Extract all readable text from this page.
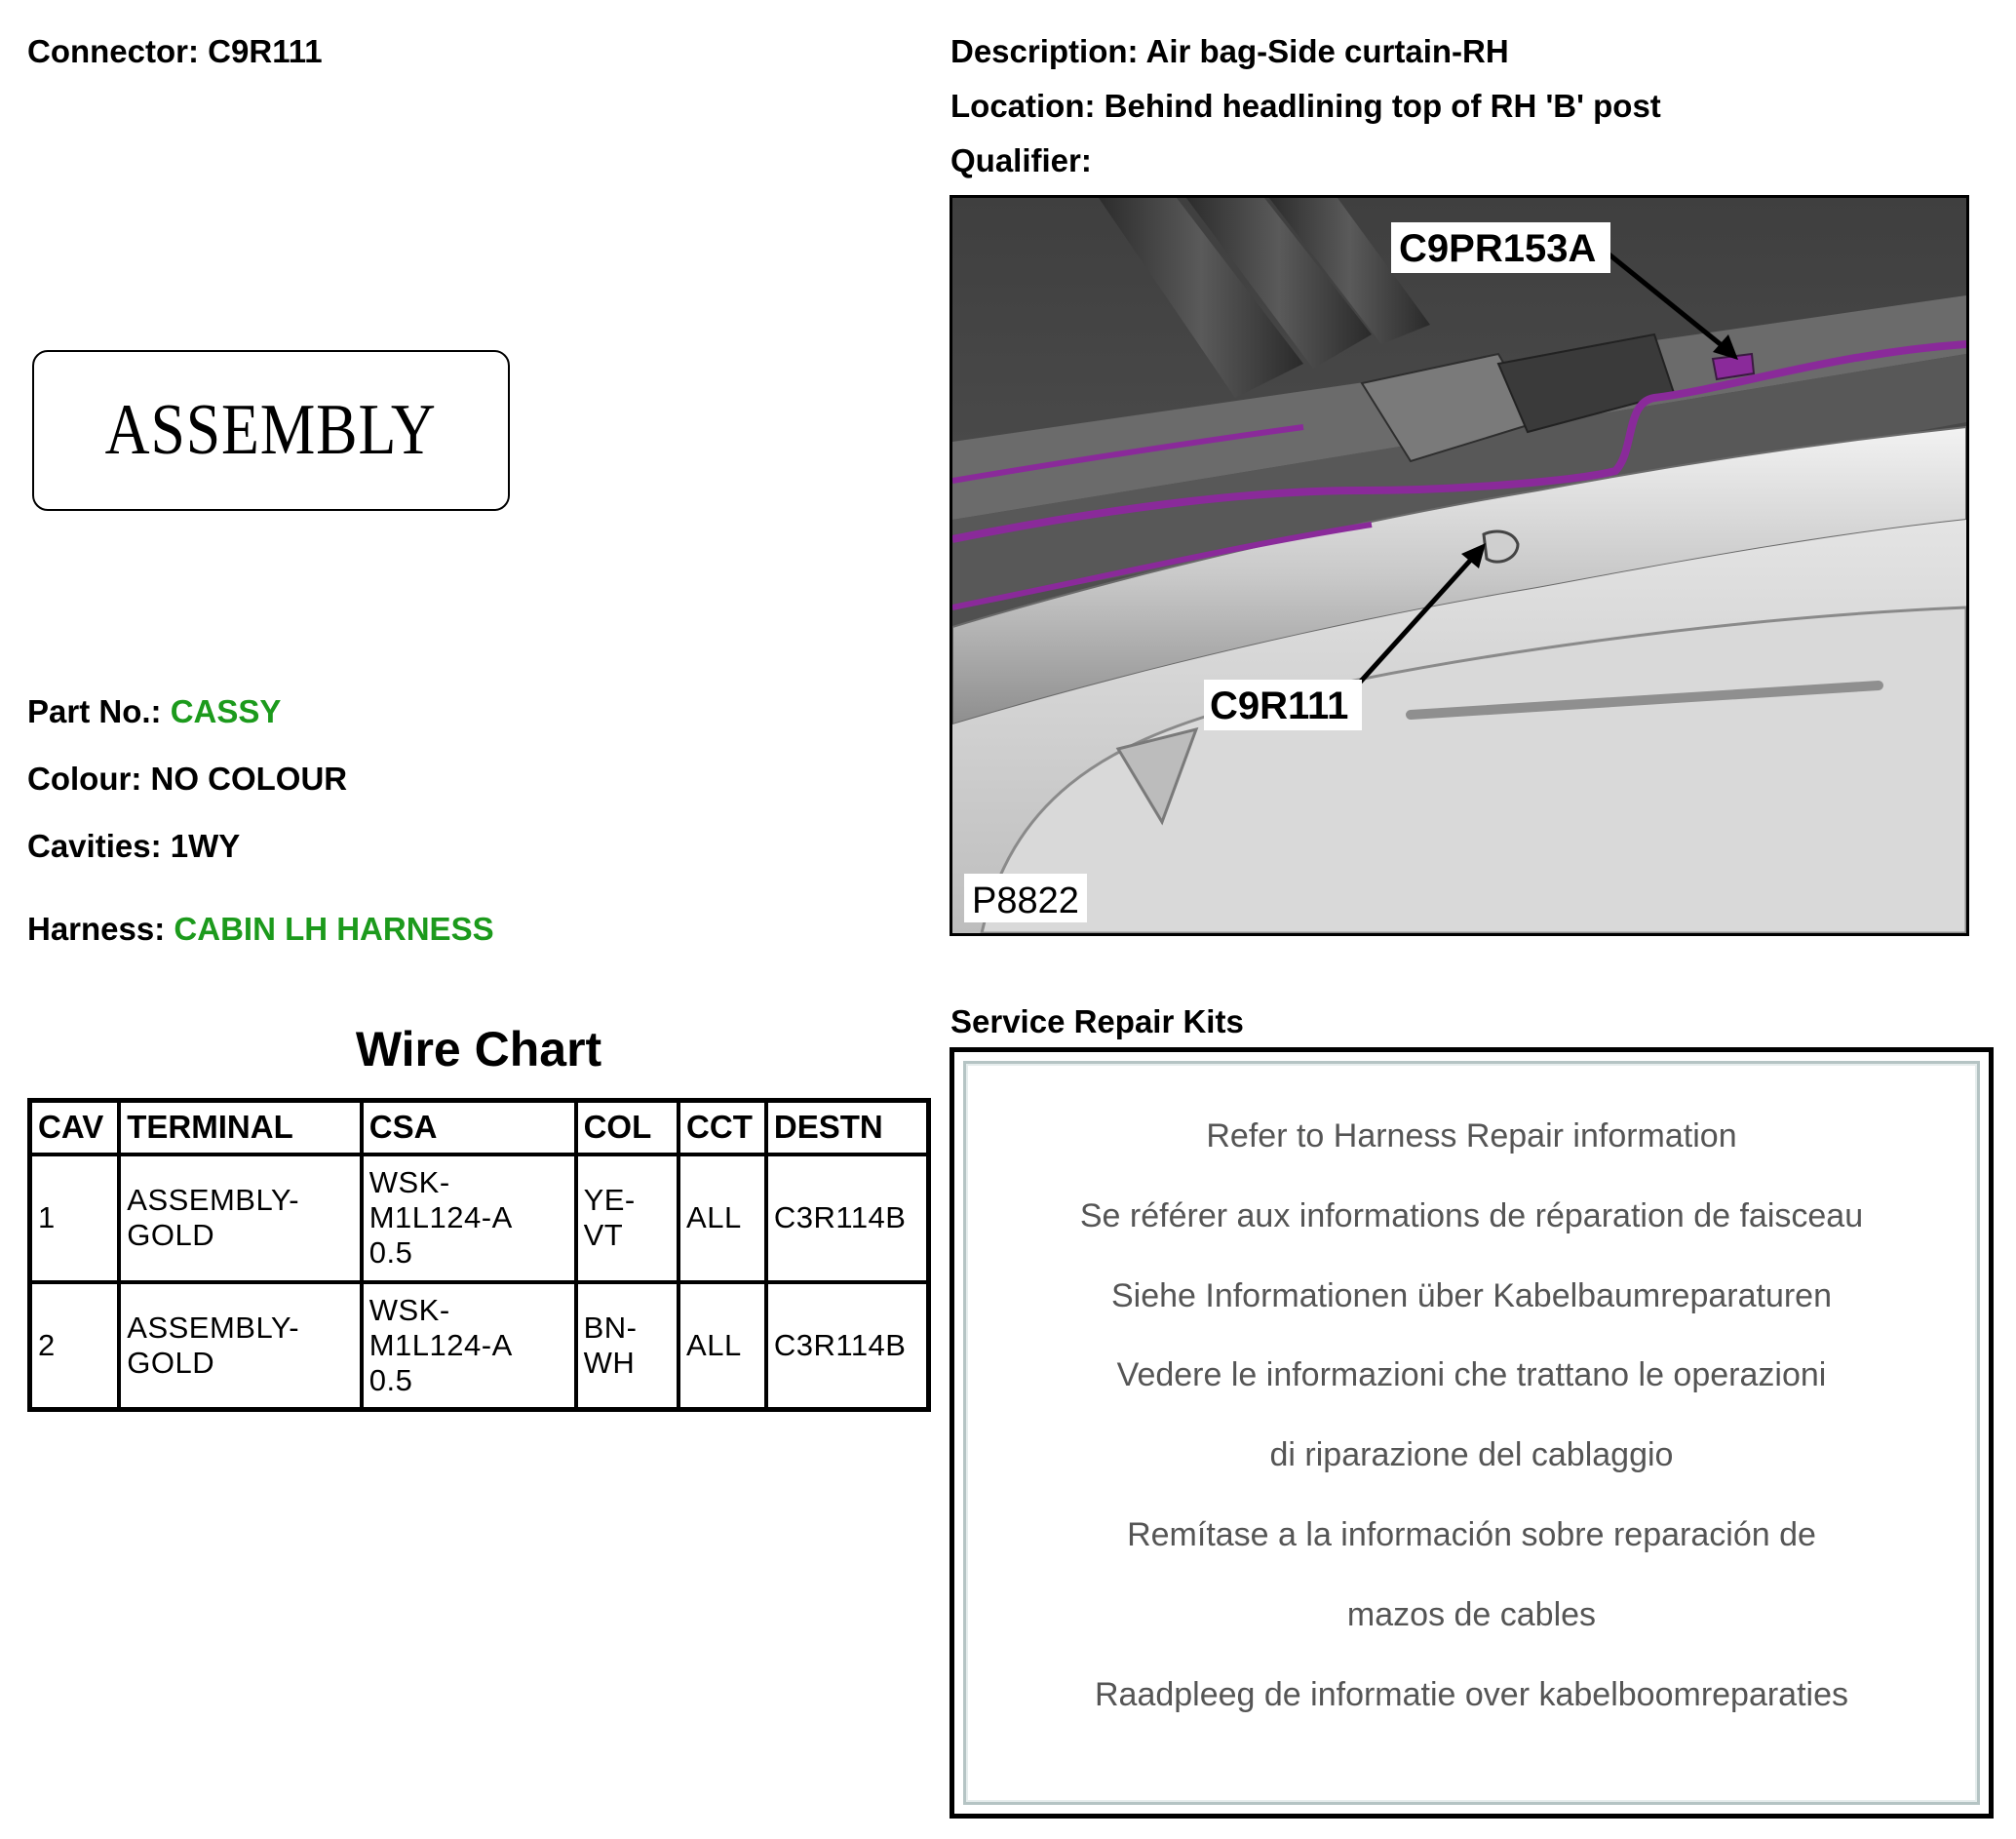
Connector: C9R111	Description: Air bag-Side curtain-RH
Location: Behind headlining top of RH 'B' post
Qualifier:
ASSEMBLY
Part No.: CASSY
Colour: NO COLOUR
Cavities: 1WY
Harness: CABIN LH HARNESS
Wire Chart
CAV	TERMINAL	CSA	COL	CCT	DESTN
1	ASSEMBLY-
GOLD	WSK-
M1L124-A
0.5	YE-
VT	ALL	C3R114B
2	ASSEMBLY-
GOLD	WSK-
M1L124-A
0.5	BN-
WH	ALL	C3R114B
C9PR153A
C9R111
P8822
Service Repair Kits
Refer to Harness Repair information
Se référer aux informations de réparation de faisceau
Siehe Informationen über Kabelbaumreparaturen
Vedere le informazioni che trattano le operazioni
di riparazione del cablaggio
Remítase a la información sobre reparación de
mazos de cables
Raadpleeg de informatie over kabelboomreparaties
